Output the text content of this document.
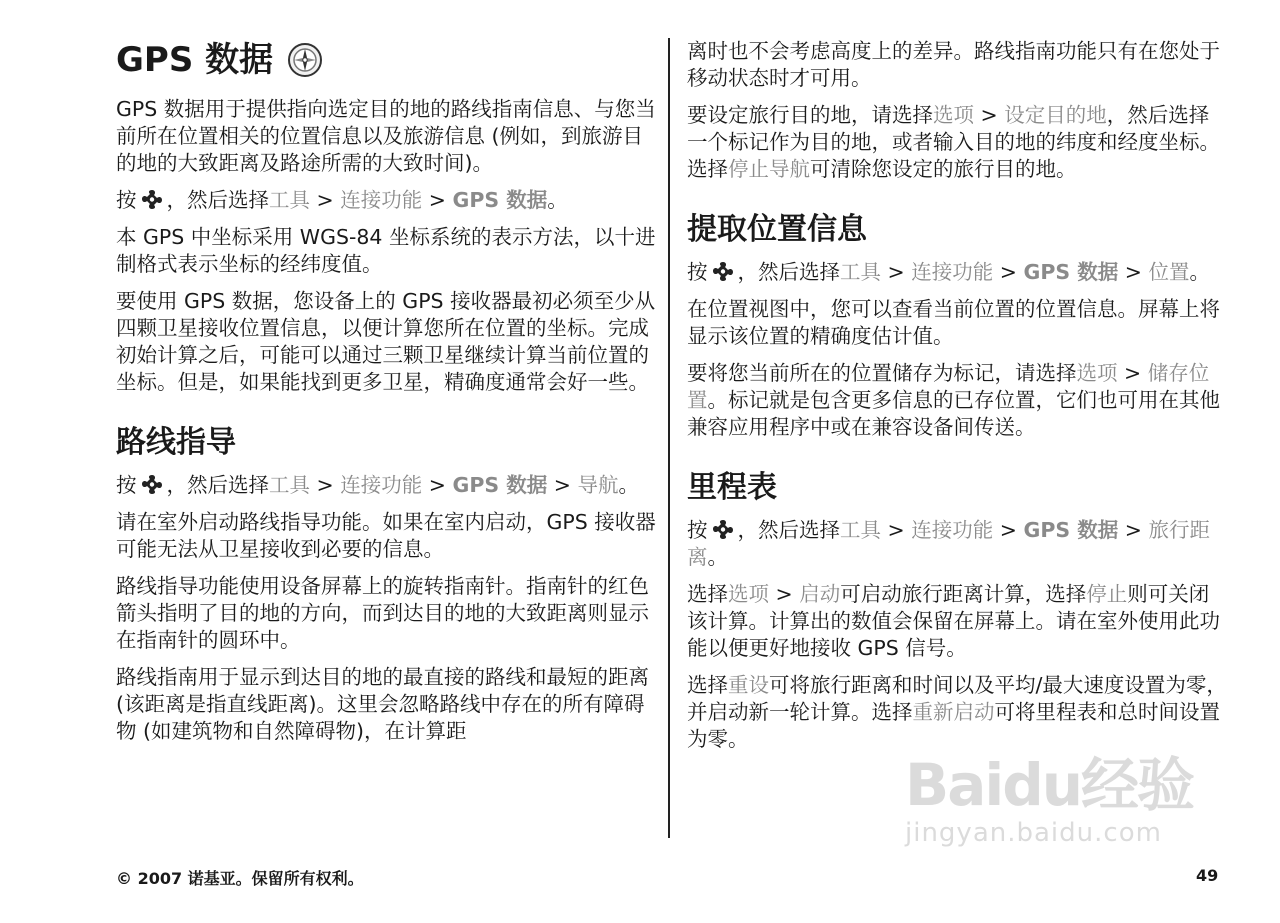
GPS 数据

GPS 数据用于提供指向选定目的地的路线指南信息、与您当前所在位置相关的位置信息以及旅游信息 (例如，到旅游目的地的大致距离及路途所需的大致时间)。

按 ，然后选择工具 > 连接功能 > GPS 数据。

本 GPS 中坐标采用 WGS-84 坐标系统的表示方法，以十进制格式表示坐标的经纬度值。

要使用 GPS 数据，您设备上的 GPS 接收器最初必须至少从四颗卫星接收位置信息，以便计算您所在位置的坐标。完成初始计算之后，可能可以通过三颗卫星继续计算当前位置的坐标。但是，如果能找到更多卫星，精确度通常会好一些。

路线指导

按 ，然后选择工具 > 连接功能 > GPS 数据 > 导航。

请在室外启动路线指导功能。如果在室内启动，GPS 接收器可能无法从卫星接收到必要的信息。

路线指导功能使用设备屏幕上的旋转指南针。指南针的红色箭头指明了目的地的方向，而到达目的地的大致距离则显示在指南针的圆环中。

路线指南用于显示到达目的地的最直接的路线和最短的距离 (该距离是指直线距离)。这里会忽略路线中存在的所有障碍物 (如建筑物和自然障碍物)，在计算距

离时也不会考虑高度上的差异。路线指南功能只有在您处于移动状态时才可用。

要设定旅行目的地，请选择选项 > 设定目的地，然后选择一个标记作为目的地，或者输入目的地的纬度和经度坐标。选择停止导航可清除您设定的旅行目的地。

提取位置信息

按 ，然后选择工具 > 连接功能 > GPS 数据 > 位置。

在位置视图中，您可以查看当前位置的位置信息。屏幕上将显示该位置的精确度估计值。

要将您当前所在的位置储存为标记，请选择选项 > 储存位置。标记就是包含更多信息的已存位置，它们也可用在其他兼容应用程序中或在兼容设备间传送。

里程表

按 ，然后选择工具 > 连接功能 > GPS 数据 > 旅行距离。

选择选项 > 启动可启动旅行距离计算，选择停止则可关闭该计算。计算出的数值会保留在屏幕上。请在室外使用此功能以便更好地接收 GPS 信号。

选择重设可将旅行距离和时间以及平均/最大速度设置为零，并启动新一轮计算。选择重新启动可将里程表和总时间设置为零。

Baidu经验
jingyan.baidu.com
© 2007 诺基亚。保留所有权利。	49
